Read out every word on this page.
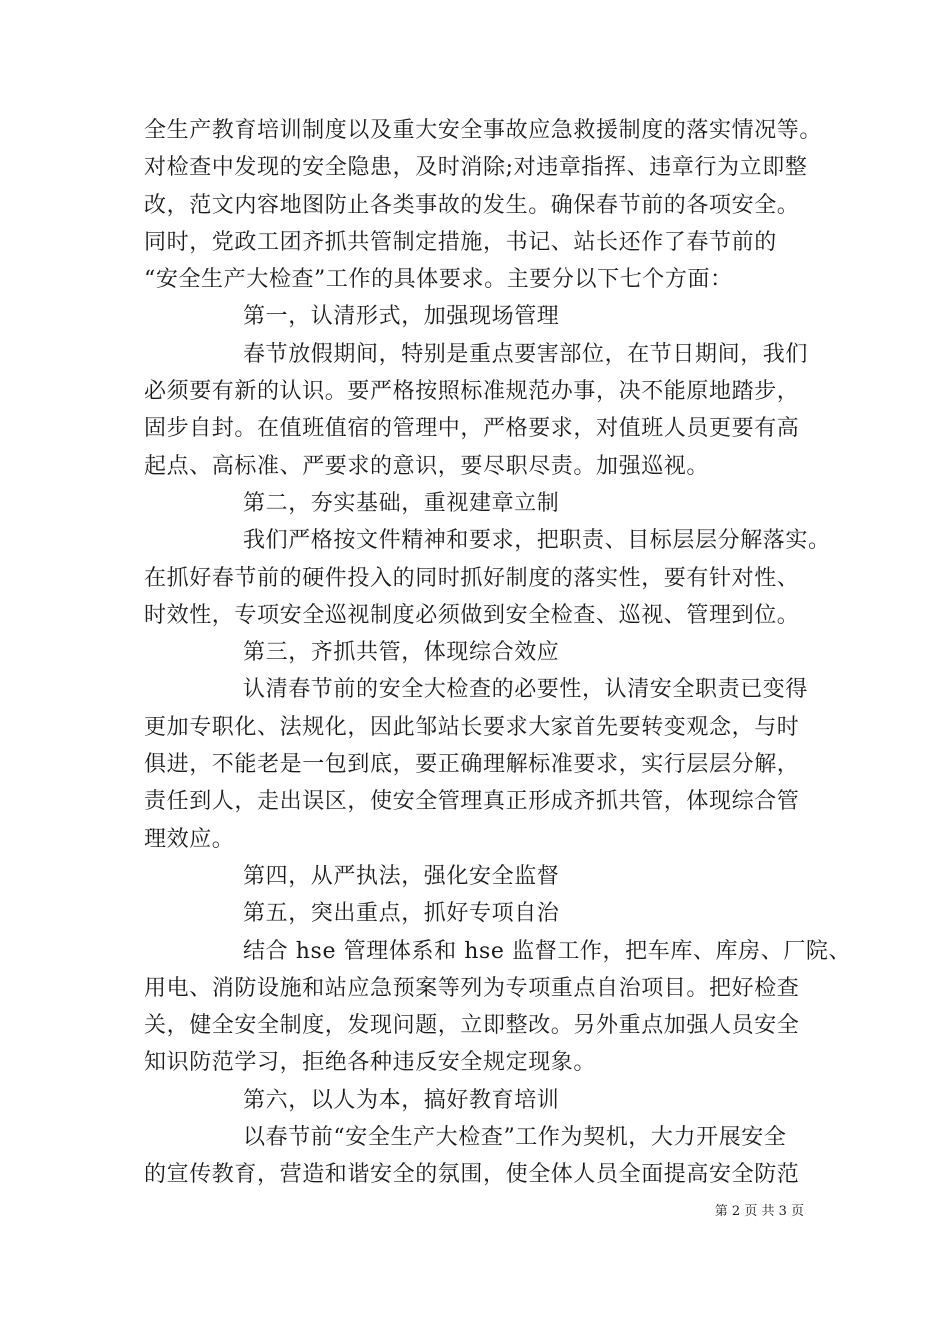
全生产教育培训制度以及重大安全事故应急救援制度的落实情况等。
对检查中发现的安全隐患，及时消除;对违章指挥、违章行为立即整
改，范文内容地图防止各类事故的发生。确保春节前的各项安全。
同时，党政工团齐抓共管制定措施，书记、站长还作了春节前的
“安全生产大检查”工作的具体要求。主要分以下七个方面：
第一，认清形式，加强现场管理
春节放假期间，特别是重点要害部位，在节日期间，我们
必须要有新的认识。要严格按照标准规范办事，决不能原地踏步，
固步自封。在值班值宿的管理中，严格要求，对值班人员更要有高
起点、高标准、严要求的意识，要尽职尽责。加强巡视。
第二，夯实基础，重视建章立制
我们严格按文件精神和要求，把职责、目标层层分解落实。
在抓好春节前的硬件投入的同时抓好制度的落实性，要有针对性、
时效性，专项安全巡视制度必须做到安全检查、巡视、管理到位。
第三，齐抓共管，体现综合效应
认清春节前的安全大检查的必要性，认清安全职责已变得
更加专职化、法规化，因此邹站长要求大家首先要转变观念，与时
俱进，不能老是一包到底，要正确理解标准要求，实行层层分解，
责任到人，走出误区，使安全管理真正形成齐抓共管，体现综合管
理效应。
第四，从严执法，强化安全监督
第五，突出重点，抓好专项自治
结合 hse 管理体系和 hse 监督工作，把车库、库房、厂院、
用电、消防设施和站应急预案等列为专项重点自治项目。把好检查
关，健全安全制度，发现问题，立即整改。另外重点加强人员安全
知识防范学习，拒绝各种违反安全规定现象。
第六，以人为本，搞好教育培训
以春节前“安全生产大检查”工作为契机，大力开展安全
的宣传教育，营造和谐安全的氛围，使全体人员全面提高安全防范
第 2 页 共 3 页
